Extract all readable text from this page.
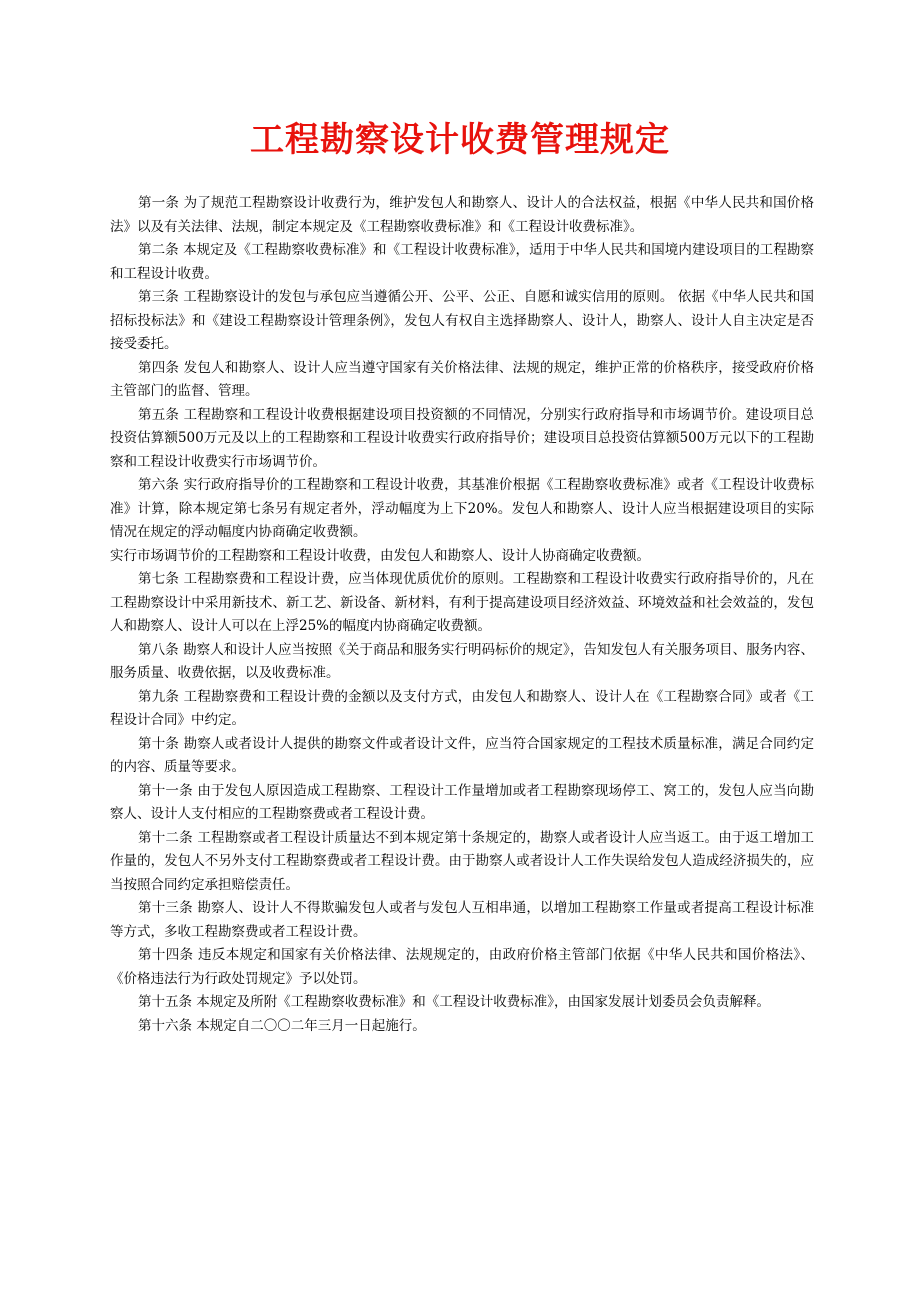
工程勘察设计收费管理规定

第一条 为了规范工程勘察设计收费行为，维护发包人和勘察人、设计人的合法权益，根据《中华人民共和国价格法》以及有关法律、法规，制定本规定及《工程勘察收费标准》和《工程设计收费标准》。

第二条 本规定及《工程勘察收费标准》和《工程设计收费标准》，适用于中华人民共和国境内建设项目的工程勘察和工程设计收费。

第三条 工程勘察设计的发包与承包应当遵循公开、公平、公正、自愿和诚实信用的原则。 依据《中华人民共和国招标投标法》和《建设工程勘察设计管理条例》，发包人有权自主选择勘察人、设计人，勘察人、设计人自主决定是否接受委托。

第四条 发包人和勘察人、设计人应当遵守国家有关价格法律、法规的规定，维护正常的价格秩序，接受政府价格主管部门的监督、管理。

第五条 工程勘察和工程设计收费根据建设项目投资额的不同情况，分别实行政府指导和市场调节价。建设项目总投资估算额500万元及以上的工程勘察和工程设计收费实行政府指导价；建设项目总投资估算额500万元以下的工程勘察和工程设计收费实行市场调节价。

第六条 实行政府指导价的工程勘察和工程设计收费，其基准价根据《工程勘察收费标准》或者《工程设计收费标准》计算，除本规定第七条另有规定者外，浮动幅度为上下20%。发包人和勘察人、设计人应当根据建设项目的实际情况在规定的浮动幅度内协商确定收费额。

实行市场调节价的工程勘察和工程设计收费，由发包人和勘察人、设计人协商确定收费额。

第七条 工程勘察费和工程设计费，应当体现优质优价的原则。工程勘察和工程设计收费实行政府指导价的，凡在工程勘察设计中采用新技术、新工艺、新设备、新材料，有利于提高建设项目经济效益、环境效益和社会效益的，发包人和勘察人、设计人可以在上浮25%的幅度内协商确定收费额。

第八条 勘察人和设计人应当按照《关于商品和服务实行明码标价的规定》，告知发包人有关服务项目、服务内容、服务质量、收费依据，以及收费标准。

第九条 工程勘察费和工程设计费的金额以及支付方式，由发包人和勘察人、设计人在《工程勘察合同》或者《工程设计合同》中约定。

第十条 勘察人或者设计人提供的勘察文件或者设计文件，应当符合国家规定的工程技术质量标准，满足合同约定的内容、质量等要求。

第十一条 由于发包人原因造成工程勘察、工程设计工作量增加或者工程勘察现场停工、窝工的，发包人应当向勘察人、设计人支付相应的工程勘察费或者工程设计费。

第十二条 工程勘察或者工程设计质量达不到本规定第十条规定的，勘察人或者设计人应当返工。由于返工增加工作量的，发包人不另外支付工程勘察费或者工程设计费。由于勘察人或者设计人工作失误给发包人造成经济损失的，应当按照合同约定承担赔偿责任。

第十三条 勘察人、设计人不得欺骗发包人或者与发包人互相串通，以增加工程勘察工作量或者提高工程设计标准等方式，多收工程勘察费或者工程设计费。

第十四条 违反本规定和国家有关价格法律、法规规定的，由政府价格主管部门依据《中华人民共和国价格法》、《价格违法行为行政处罚规定》予以处罚。

第十五条 本规定及所附《工程勘察收费标准》和《工程设计收费标准》，由国家发展计划委员会负责解释。

第十六条 本规定自二〇〇二年三月一日起施行。
